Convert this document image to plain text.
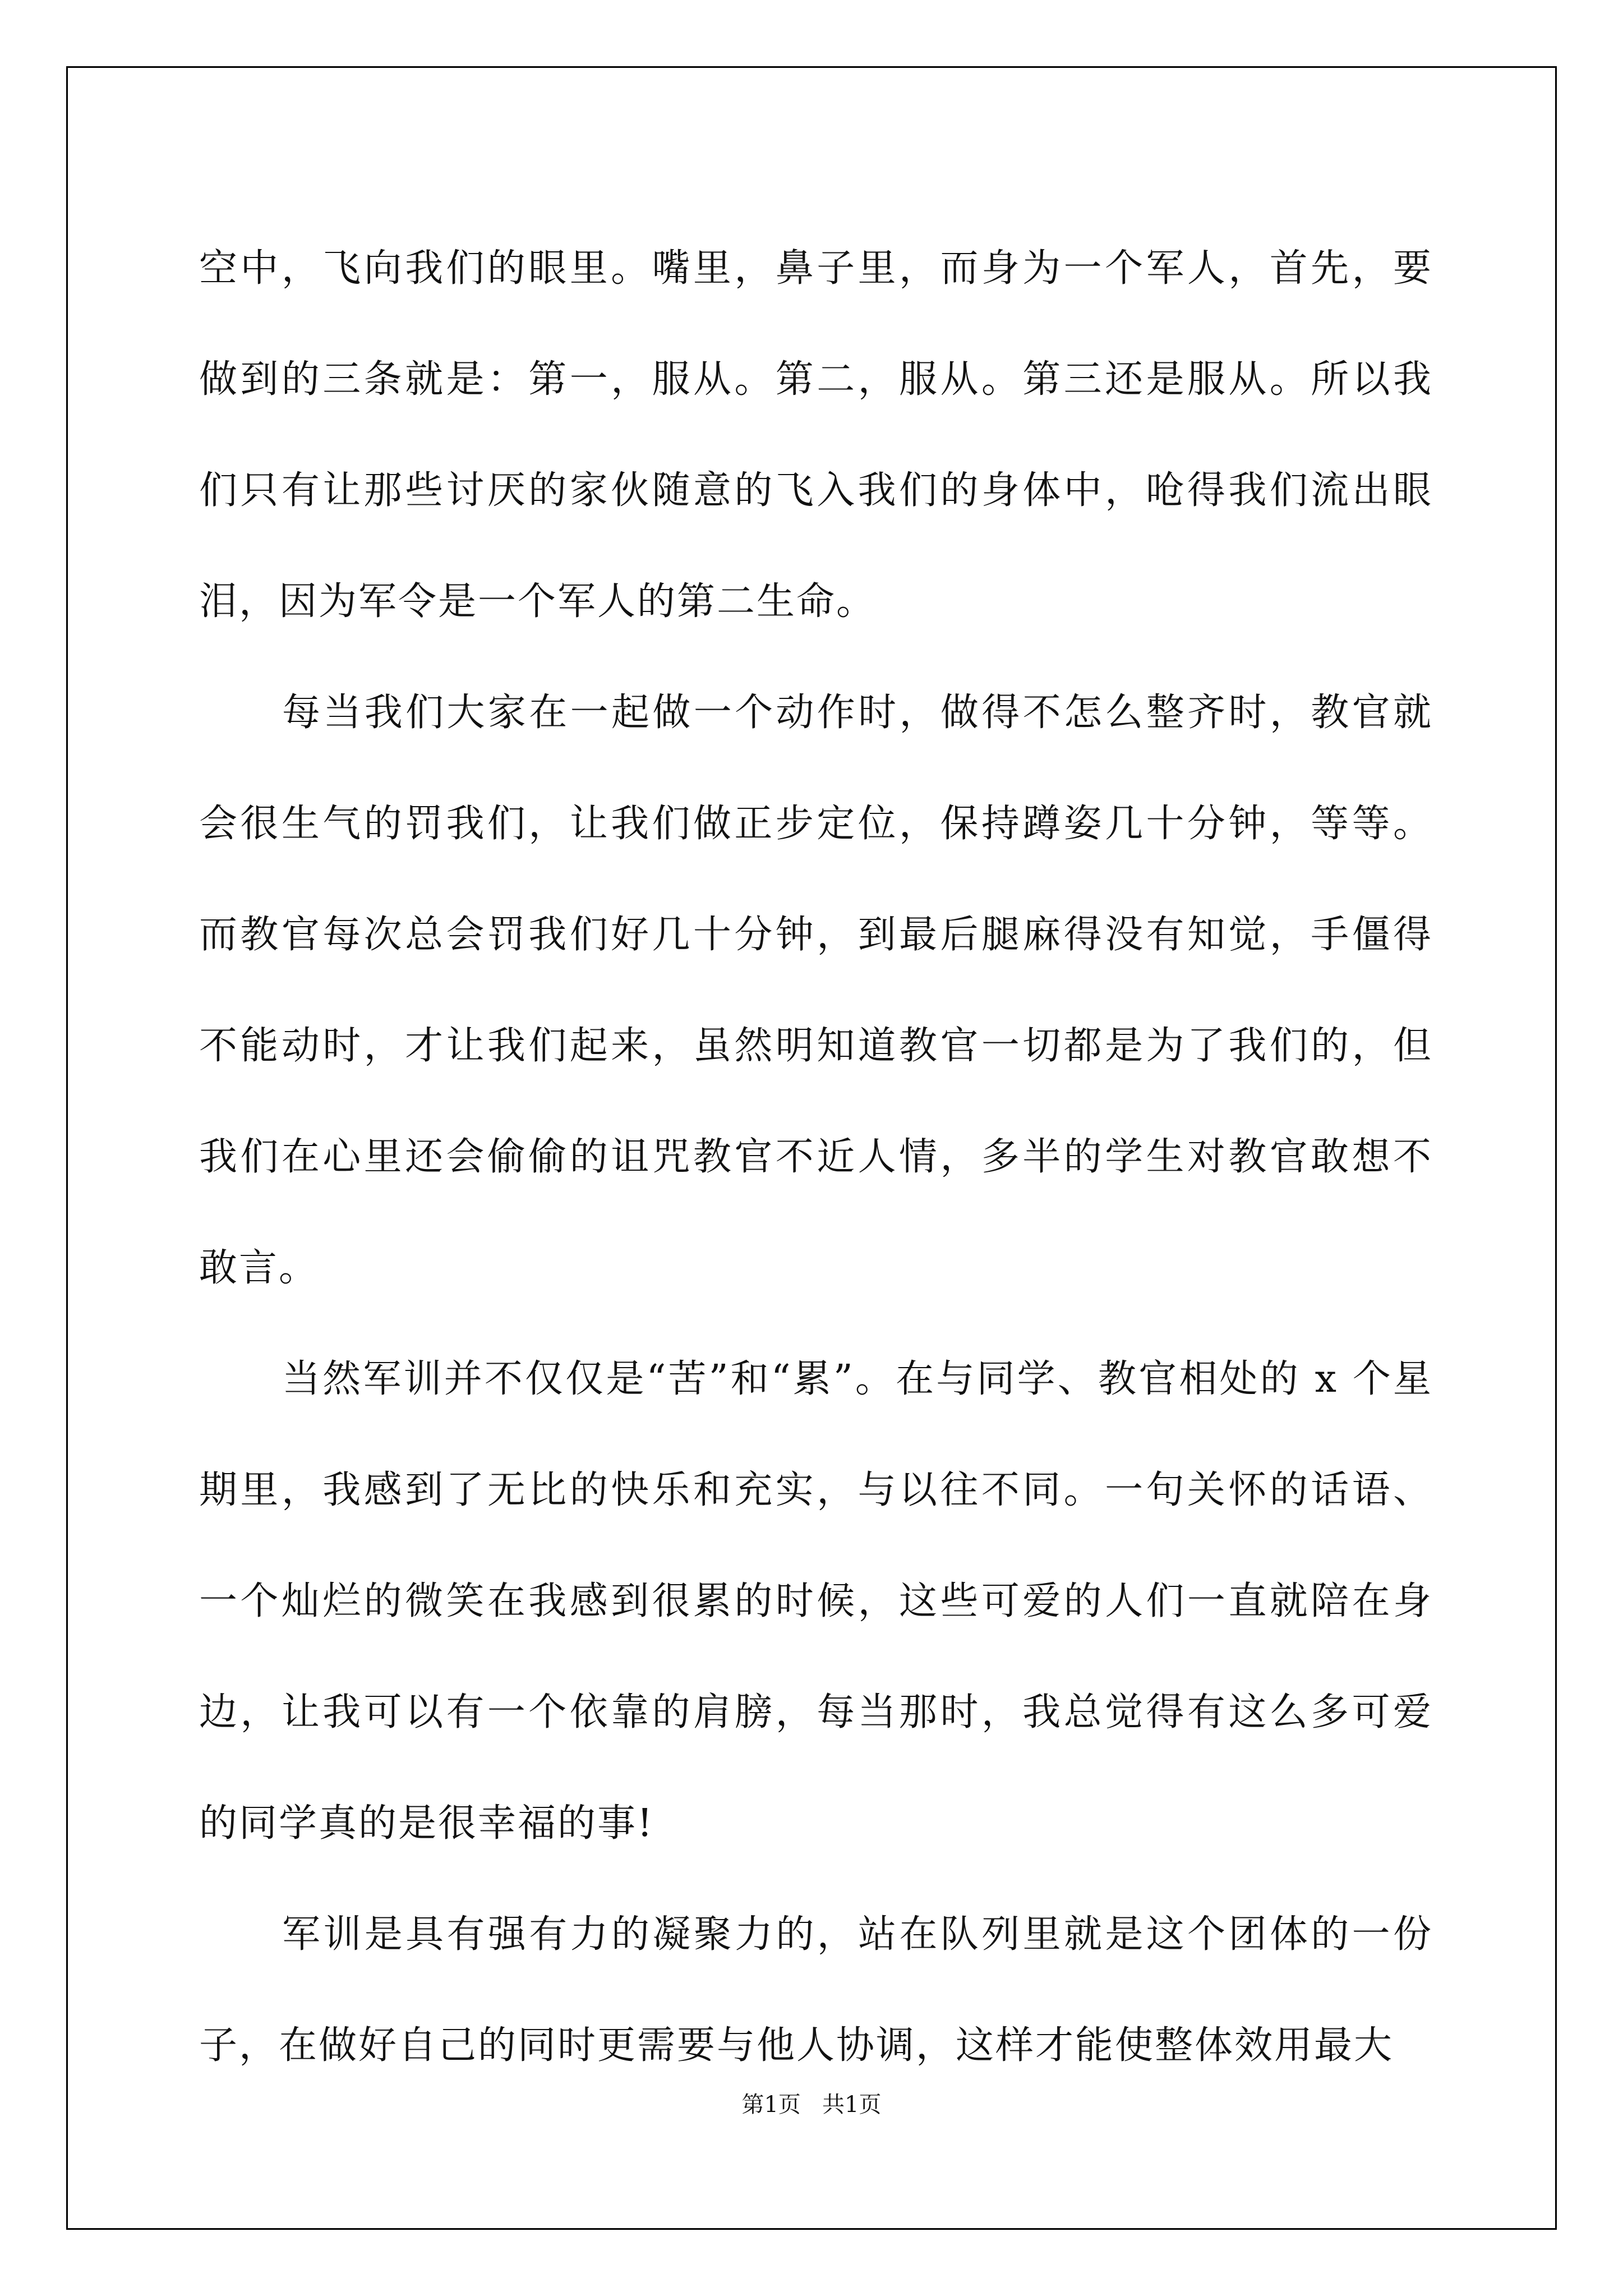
空中，飞向我们的眼里。嘴里，鼻子里，而身为一个军人，首先，要做到的三条就是：第一，服从。第二，服从。第三还是服从。所以我们只有让那些讨厌的家伙随意的飞入我们的身体中，呛得我们流出眼泪，因为军令是一个军人的第二生命。

每当我们大家在一起做一个动作时，做得不怎么整齐时，教官就会很生气的罚我们，让我们做正步定位，保持蹲姿几十分钟，等等。而教官每次总会罚我们好几十分钟，到最后腿麻得没有知觉，手僵得不能动时，才让我们起来，虽然明知道教官一切都是为了我们的，但我们在心里还会偷偷的诅咒教官不近人情，多半的学生对教官敢想不敢言。

当然军训并不仅仅是“苦”和“累”。在与同学、教官相处的 x 个星期里，我感到了无比的快乐和充实，与以往不同。一句关怀的话语、一个灿烂的微笑在我感到很累的时候，这些可爱的人们一直就陪在身边，让我可以有一个依靠的肩膀，每当那时，我总觉得有这么多可爱的同学真的是很幸福的事!

军训是具有强有力的凝聚力的，站在队列里就是这个团体的一份子，在做好自己的同时更需要与他人协调，这样才能使整体效用最大

第1页   共1页
